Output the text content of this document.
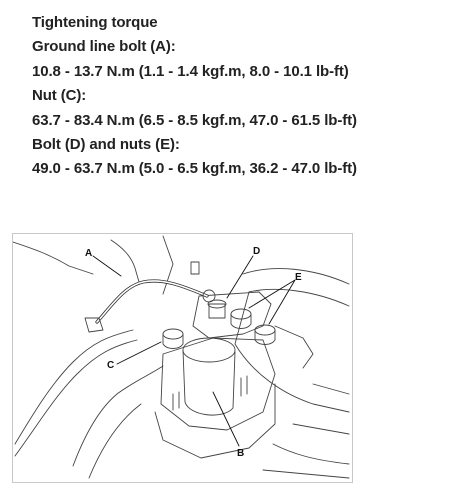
Tightening torque
Ground line bolt (A):
10.8 - 13.7 N.m (1.1 - 1.4 kgf.m, 8.0 - 10.1 lb-ft)
Nut (C):
63.7 - 83.4 N.m (6.5 - 8.5 kgf.m, 47.0 - 61.5 lb-ft)
Bolt (D) and nuts (E):
49.0 - 63.7 N.m (5.0 - 6.5 kgf.m, 36.2 - 47.0 lb-ft)
A	D
E
C
B
